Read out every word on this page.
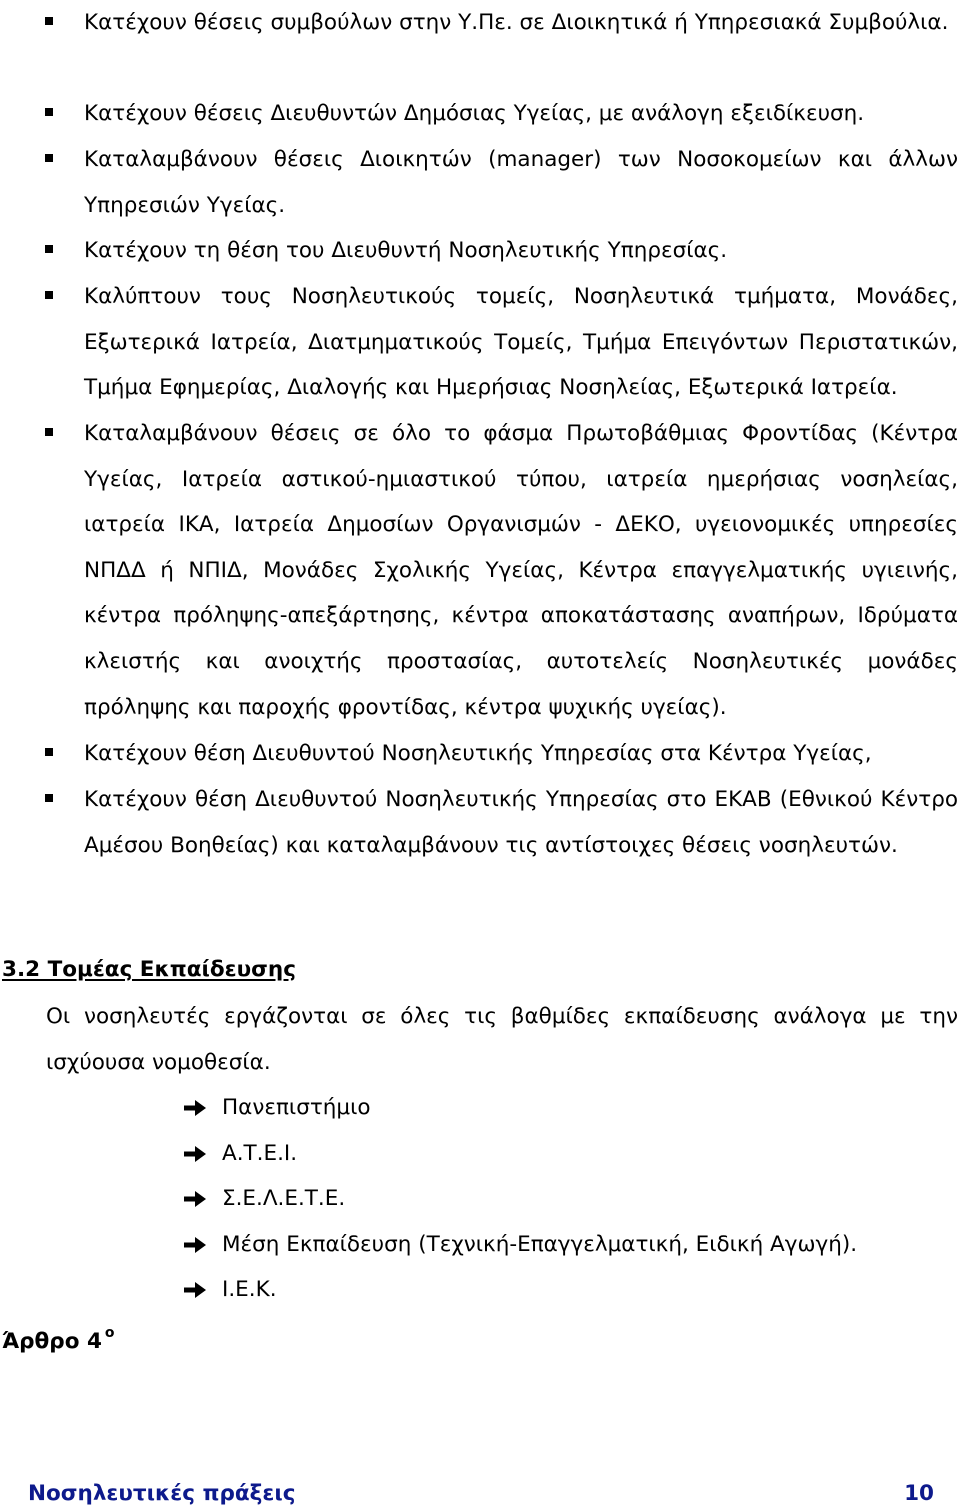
Κατέχουν θέσεις συμβούλων στην Υ.Πε. σε Διοικητικά ή Υπηρεσιακά Συμβούλια.
Κατέχουν θέσεις Διευθυντών Δημόσιας Υγείας, με ανάλογη εξειδίκευση.
Καταλαμβάνουν θέσεις Διοικητών (manager) των Νοσοκομείων και άλλων Υπηρεσιών Υγείας.
Κατέχουν τη θέση του Διευθυντή Νοσηλευτικής Υπηρεσίας.
Καλύπτουν τους Νοσηλευτικούς τομείς, Νοσηλευτικά τμήματα, Μονάδες, Εξωτερικά Ιατρεία, Διατμηματικούς Τομείς, Τμήμα Επειγόντων Περιστατικών, Τμήμα Εφημερίας, Διαλογής και Ημερήσιας Νοσηλείας, Εξωτερικά Ιατρεία.
Καταλαμβάνουν θέσεις σε όλο το φάσμα Πρωτοβάθμιας Φροντίδας (Κέντρα Υγείας, Ιατρεία αστικού-ημιαστικού τύπου, ιατρεία ημερήσιας νοσηλείας, ιατρεία ΙΚΑ, Ιατρεία Δημοσίων Οργανισμών - ΔΕΚΟ, υγειονομικές υπηρεσίες ΝΠΔΔ ή ΝΠΙΔ, Μονάδες Σχολικής Υγείας, Κέντρα επαγγελματικής υγιεινής, κέντρα πρόληψης-απεξάρτησης, κέντρα αποκατάστασης αναπήρων, Ιδρύματα κλειστής και ανοιχτής προστασίας, αυτοτελείς Νοσηλευτικές μονάδες πρόληψης και παροχής φροντίδας, κέντρα ψυχικής υγείας).
Κατέχουν θέση Διευθυντού Νοσηλευτικής Υπηρεσίας στα Κέντρα Υγείας,
Κατέχουν θέση Διευθυντού Νοσηλευτικής Υπηρεσίας στο ΕΚΑΒ (Εθνικού Κέντρο Αμέσου Βοηθείας) και καταλαμβάνουν τις αντίστοιχες θέσεις νοσηλευτών.
3.2 Τομέας Εκπαίδευσης
Οι νοσηλευτές εργάζονται σε όλες τις βαθμίδες εκπαίδευσης ανάλογα με την ισχύουσα νομοθεσία.
Πανεπιστήμιο
Α.Τ.Ε.Ι.
Σ.Ε.Λ.Ε.Τ.Ε.
Μέση Εκπαίδευση (Τεχνική-Επαγγελματική, Ειδική Αγωγή).
Ι.Ε.Κ.
Άρθρο 4 $^o$
Νοσηλευτικές πράξεις	10
